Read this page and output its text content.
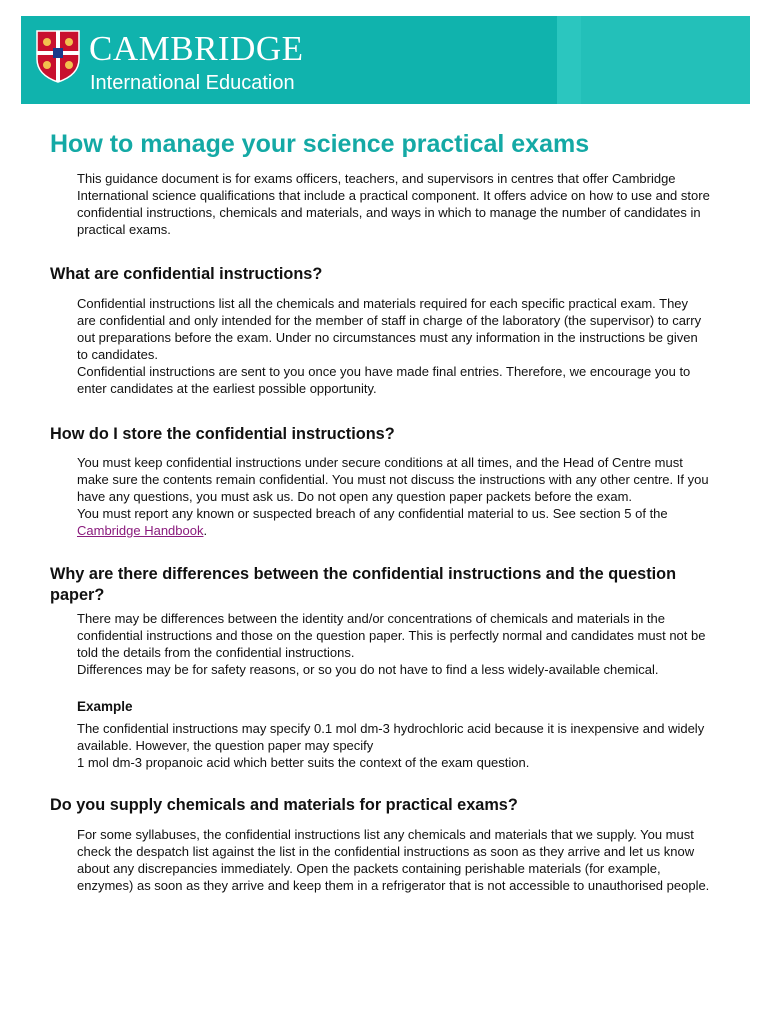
CAMBRIDGE
International Education
How to manage your science practical exams

This guidance document is for exams officers, teachers, and supervisors in centres that offer Cambridge International science qualifications that include a practical component. It offers advice on how to use and store confidential instructions, chemicals and materials, and ways in which to manage the number of candidates in practical exams.

What are confidential instructions?

Confidential instructions list all the chemicals and materials required for each specific practical exam. They are confidential and only intended for the member of staff in charge of the laboratory (the supervisor) to carry out preparations before the exam. Under no circumstances must any information in the instructions be given to candidates.

Confidential instructions are sent to you once you have made final entries. Therefore, we encourage you to enter candidates at the earliest possible opportunity.

How do I store the confidential instructions?

You must keep confidential instructions under secure conditions at all times, and the Head of Centre must make sure the contents remain confidential. You must not discuss the instructions with any other centre. If you have any questions, you must ask us. Do not open any question paper packets before the exam.

You must report any known or suspected breach of any confidential material to us. See section 5 of the Cambridge Handbook.

Why are there differences between the confidential instructions and the question paper?

There may be differences between the identity and/or concentrations of chemicals and materials in the confidential instructions and those on the question paper. This is perfectly normal and candidates must not be told the details from the confidential instructions.

Differences may be for safety reasons, or so you do not have to find a less widely-available chemical.

Example

The confidential instructions may specify 0.1 mol dm-3 hydrochloric acid because it is inexpensive and widely available. However, the question paper may specify

1 mol dm-3 propanoic acid which better suits the context of the exam question.

Do you supply chemicals and materials for practical exams?

For some syllabuses, the confidential instructions list any chemicals and materials that we supply. You must check the despatch list against the list in the confidential instructions as soon as they arrive and let us know about any discrepancies immediately. Open the packets containing perishable materials (for example, enzymes) as soon as they arrive and keep them in a refrigerator that is not accessible to unauthorised people.
